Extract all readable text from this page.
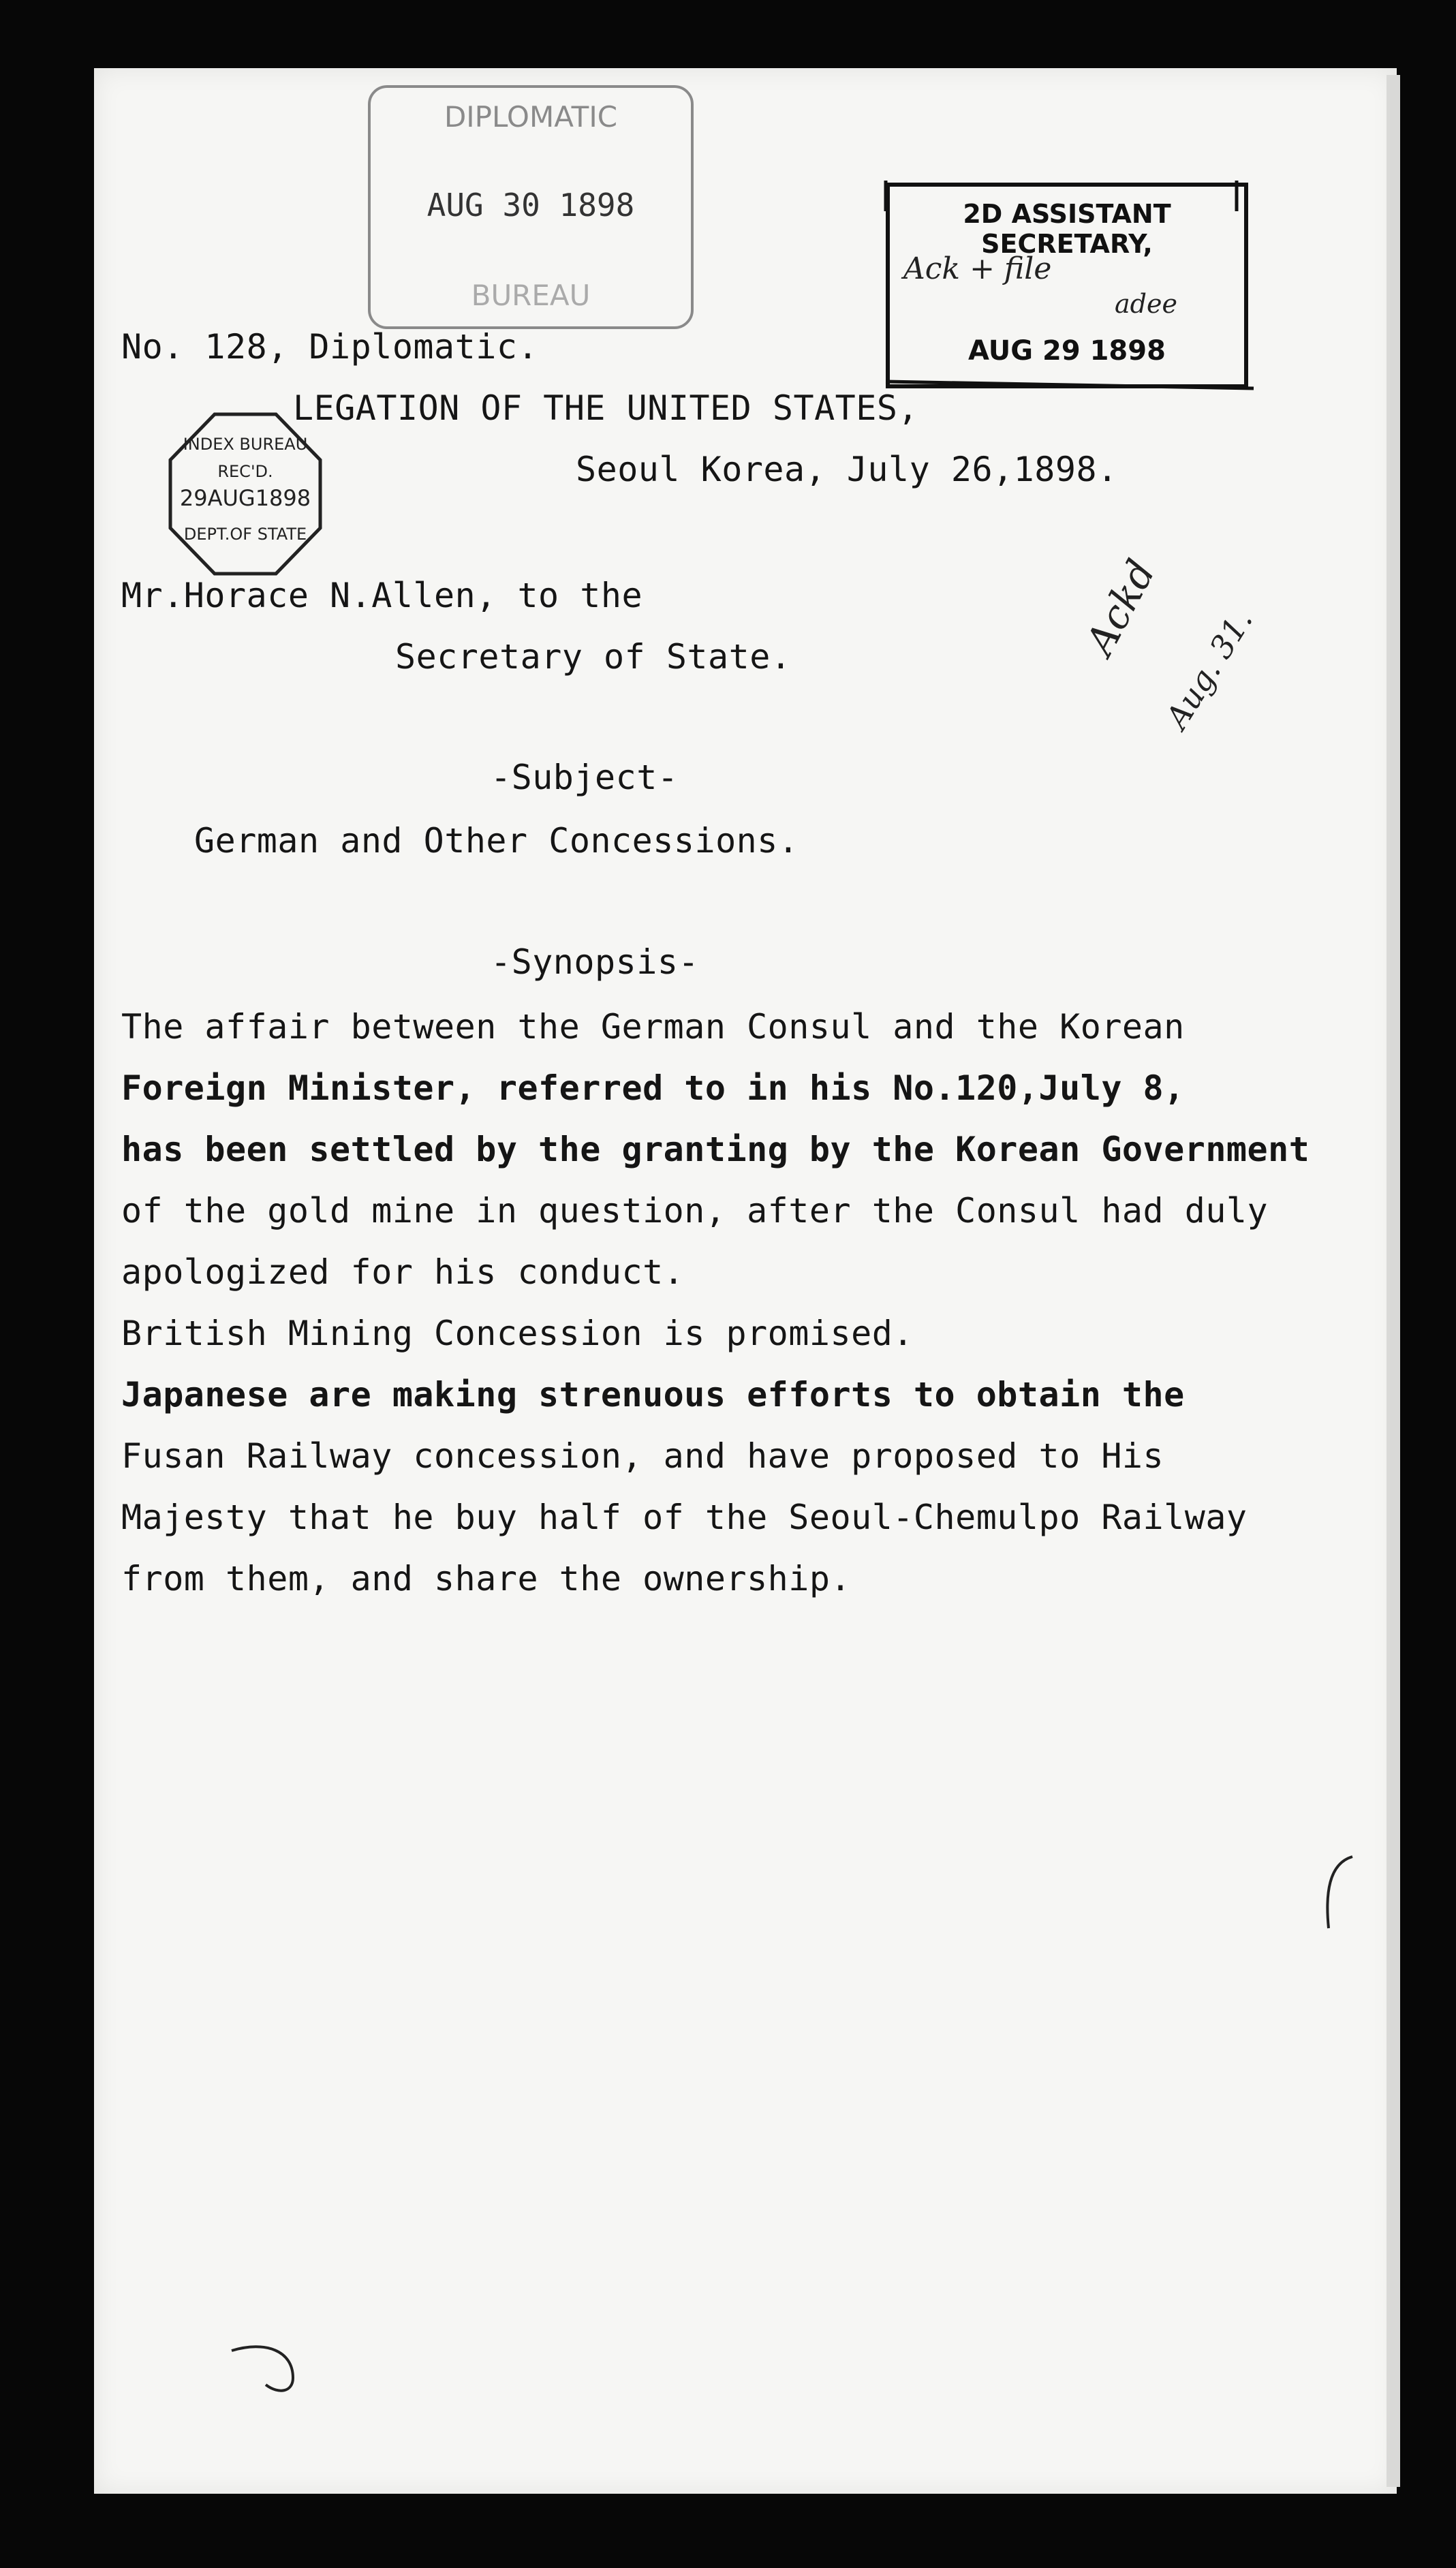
DIPLOMATIC
AUG 30 1898
BUREAU
2D ASSISTANT SECRETARY,
Ack + file
adee
AUG 29 1898
INDEX BUREAU
REC'D.
29AUG1898
DEPT.OF STATE
No. 128, Diplomatic.
LEGATION OF THE UNITED STATES,
Seoul Korea, July 26,1898.
Mr.Horace N.Allen, to the
Secretary of State.	Ackd
Aug. 31.
-Subject-
German and Other Concessions.
-Synopsis-
The affair between the German Consul and the Korean
Foreign Minister, referred to in his No.120,July 8,
has been settled by the granting by the Korean Government
of the gold mine in question, after the Consul had duly
apologized for his conduct.
British Mining Concession is promised.
Japanese are making strenuous efforts to obtain the
Fusan Railway concession, and have proposed to His
Majesty that he buy half of the Seoul-Chemulpo Railway
from them, and share the ownership.
